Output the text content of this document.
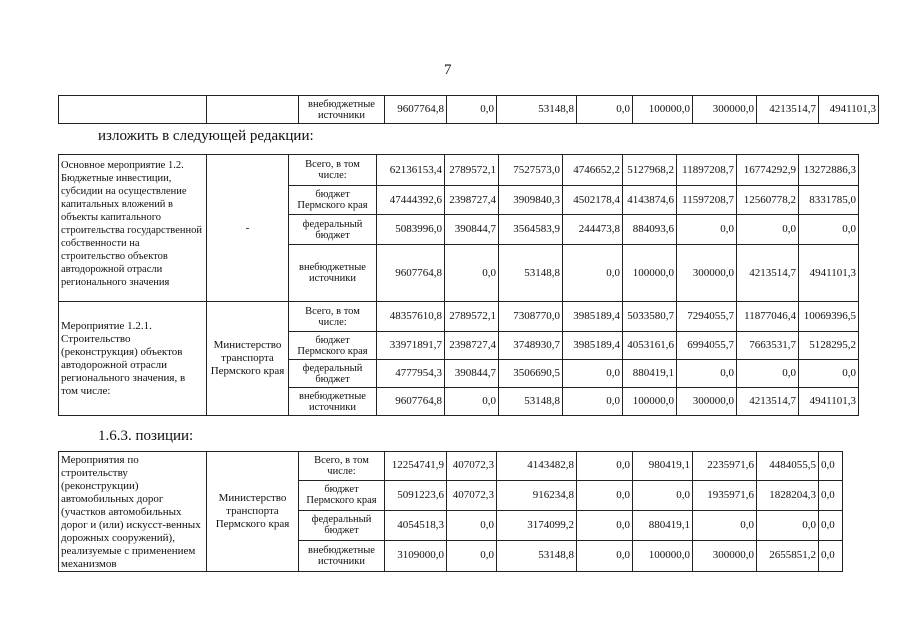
7
		внебюджетные источники	9607764,8	0,0	53148,8	0,0	100000,0	300000,0	4213514,7	4941101,3
изложить в следующей редакции:
Основное мероприятие 1.2. Бюджетные инвестиции, субсидии на осуществление капитальных вложений в объекты капитального строительства государственной собственности на строительство объектов автодорожной отрасли регионального значения	-	Всего, в том числе:	62136153,4	2789572,1	7527573,0	4746652,2	5127968,2	11897208,7	16774292,9	13272886,3
		бюджет Пермского края	47444392,6	2398727,4	3909840,3	4502178,4	4143874,6	11597208,7	12560778,2	8331785,0
		федеральный бюджет	5083996,0	390844,7	3564583,9	244473,8	884093,6	0,0	0,0	0,0
		внебюджетные источники	9607764,8	0,0	53148,8	0,0	100000,0	300000,0	4213514,7	4941101,3
Мероприятие 1.2.1. Строительство (реконструкция) объектов автодорожной отрасли регионального значения, в том числе:	Министерство транспорта Пермского края	Всего, в том числе:	48357610,8	2789572,1	7308770,0	3985189,4	5033580,7	7294055,7	11877046,4	10069396,5
		бюджет Пермского края	33971891,7	2398727,4	3748930,7	3985189,4	4053161,6	6994055,7	7663531,7	5128295,2
		федеральный бюджет	4777954,3	390844,7	3506690,5	0,0	880419,1	0,0	0,0	0,0
		внебюджетные источники	9607764,8	0,0	53148,8	0,0	100000,0	300000,0	4213514,7	4941101,3
1.6.3. позиции:
Мероприятия по строительству (реконструкции) автомобильных дорог (участков автомобильных дорог и (или) искусст-венных дорожных сооружений), реализуемые с применением механизмов	Министерство транспорта Пермского края	Всего, в том числе:	12254741,9	407072,3	4143482,8	0,0	980419,1	2235971,6	4484055,5	0,0
		бюджет Пермского края	5091223,6	407072,3	916234,8	0,0	0,0	1935971,6	1828204,3	0,0
		федеральный бюджет	4054518,3	0,0	3174099,2	0,0	880419,1	0,0	0,0	0,0
		внебюджетные источники	3109000,0	0,0	53148,8	0,0	100000,0	300000,0	2655851,2	0,0
